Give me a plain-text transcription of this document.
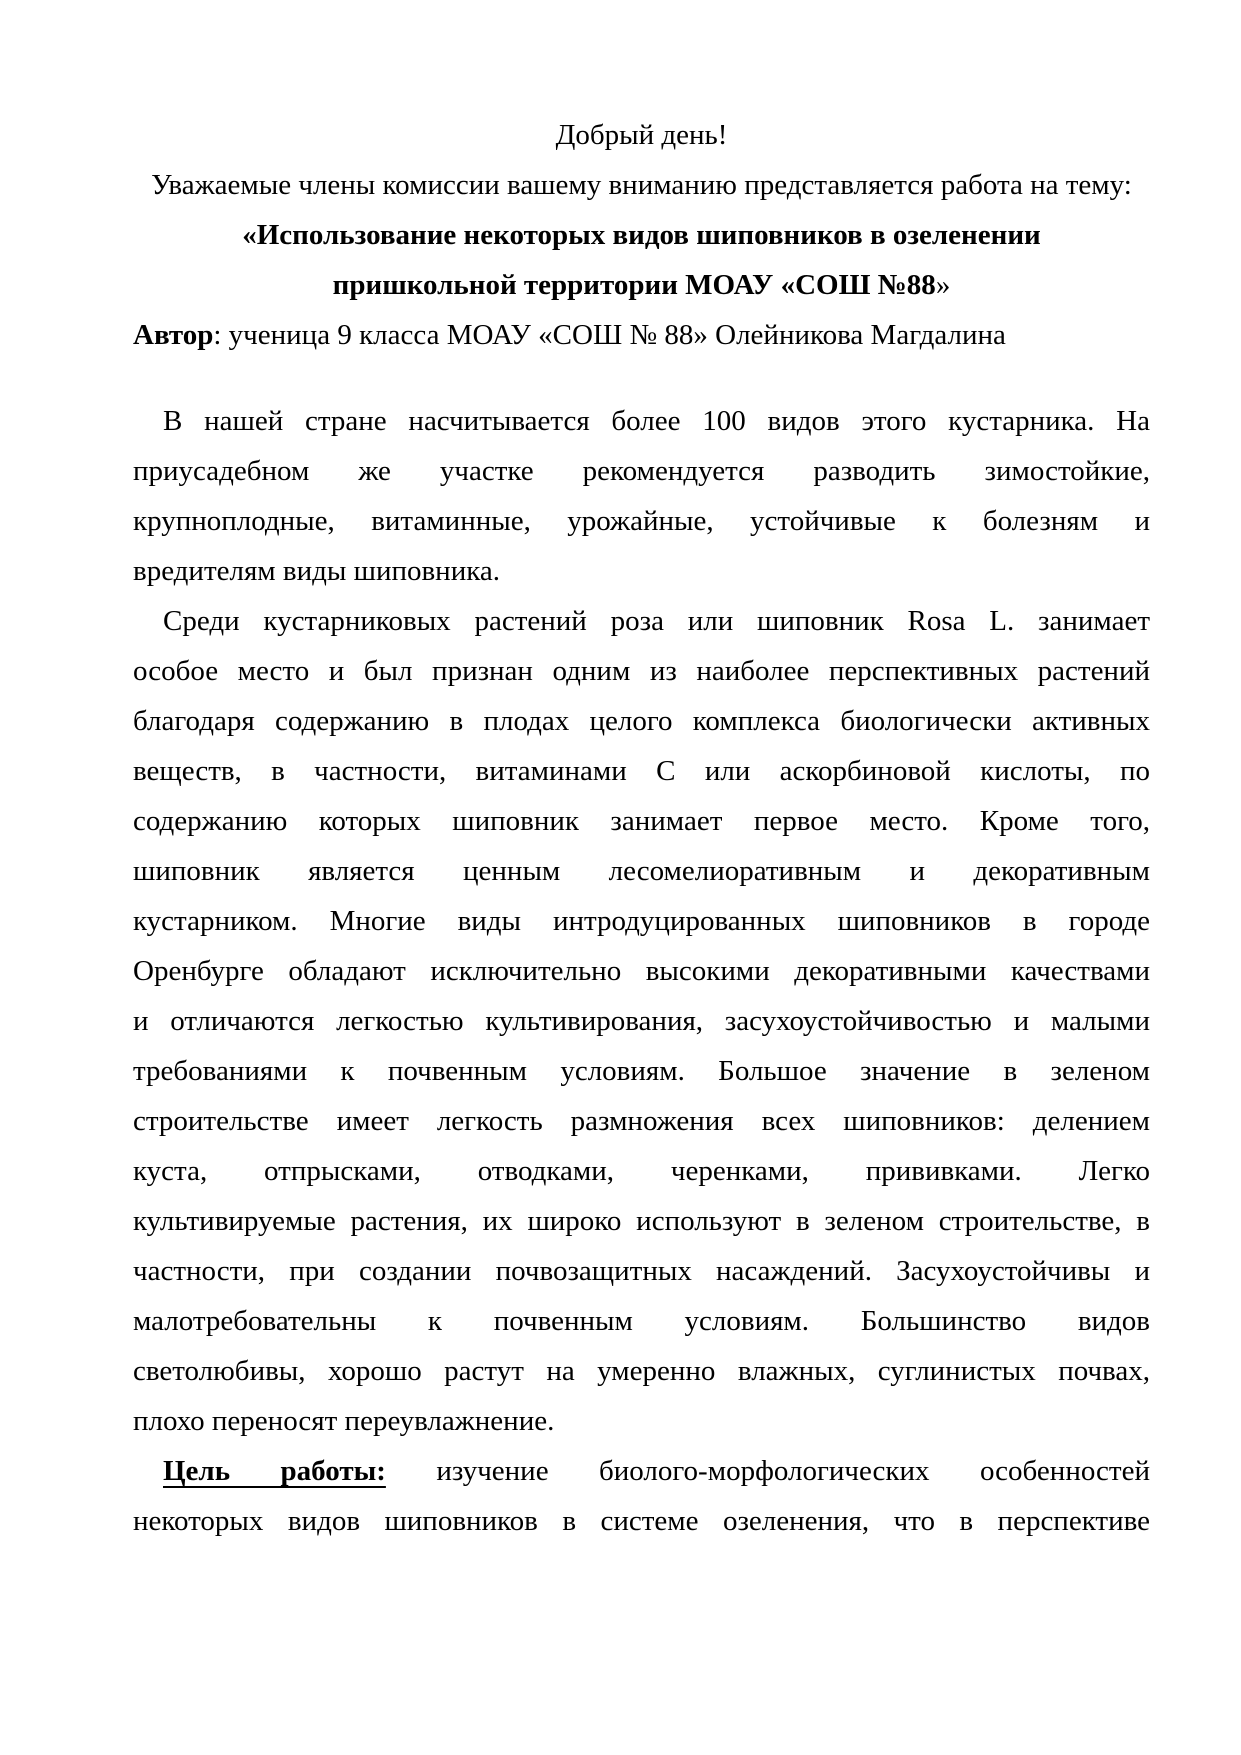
Добрый день!
Уважаемые члены комиссии вашему вниманию представляется работа на тему:
«Использование некоторых видов шиповников в озеленении
пришкольной территории МОАУ «СОШ №88»
Автор: ученица 9 класса МОАУ «СОШ № 88» Олейникова Магдалина
В нашей стране насчитывается более 100 видов этого кустарника. На
приусадебном же участке рекомендуется разводить зимостойкие,
крупноплодные, витаминные, урожайные, устойчивые к болезням и
вредителям виды шиповника.
Среди кустарниковых растений роза или шиповник Rosa L. занимает
особое место и был признан одним из наиболее перспективных растений
благодаря содержанию в плодах целого комплекса биологически активных
веществ, в частности, витаминами С или аскорбиновой кислоты, по
содержанию которых шиповник занимает первое место. Кроме того,
шиповник является ценным лесомелиоративным и декоративным
кустарником. Многие виды интродуцированных шиповников в городе
Оренбурге обладают исключительно высокими декоративными качествами
и отличаются легкостью культивирования, засухоустойчивостью и малыми
требованиями к почвенным условиям. Большое значение в зеленом
строительстве имеет легкость размножения всех шиповников: делением
куста, отпрысками, отводками, черенками, прививками. Легко
культивируемые растения, их широко используют в зеленом строительстве, в
частности, при создании почвозащитных насаждений. Засухоустойчивы и
малотребовательны к почвенным условиям. Большинство видов
светолюбивы, хорошо растут на умеренно влажных, суглинистых почвах,
плохо переносят переувлажнение.
Цель работы: изучение биолого-морфологических особенностей
некоторых видов шиповников в системе озеленения, что в перспективе
